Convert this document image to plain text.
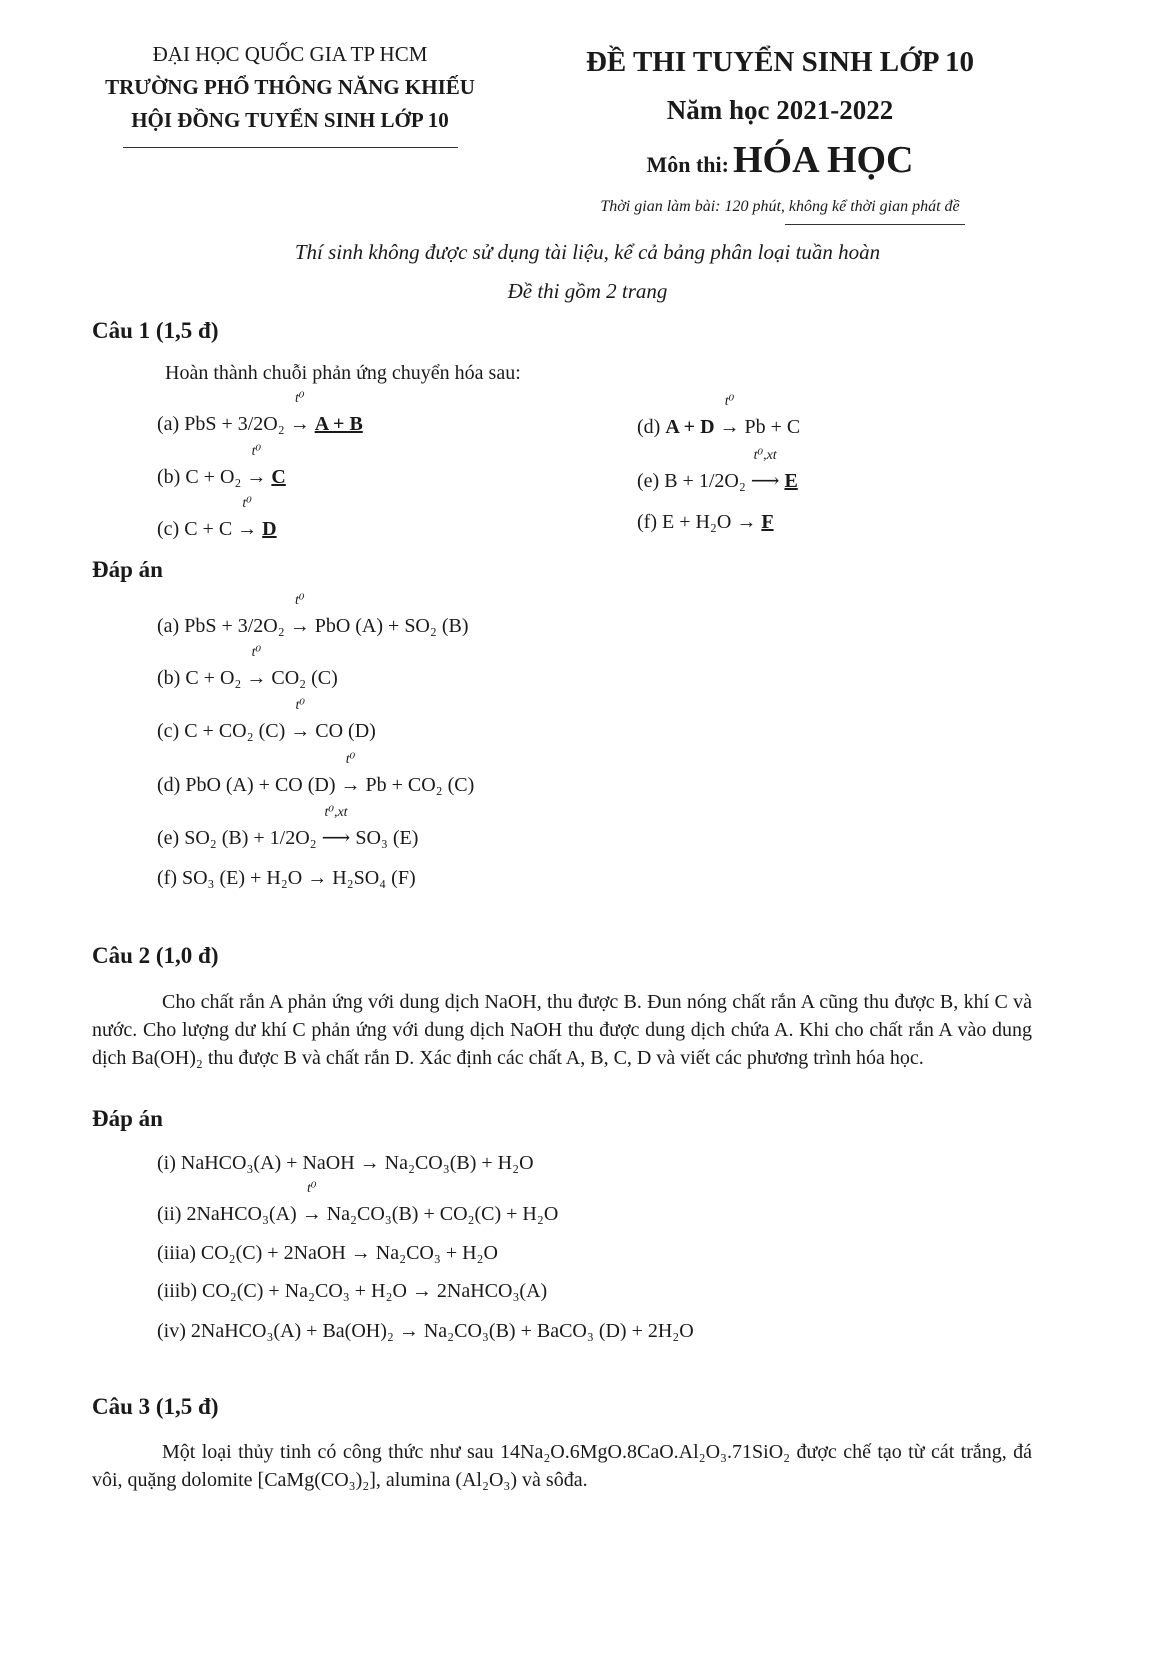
ĐẠI HỌC QUỐC GIA TP HCM
TRƯỜNG PHỔ THÔNG NĂNG KHIẾU
HỘI ĐỒNG TUYỂN SINH LỚP 10
ĐỀ THI TUYỂN SINH LỚP 10
Năm học 2021-2022
Môn thi: HÓA HỌC
Thời gian làm bài: 120 phút, không kể thời gian phát đề
Thí sinh không được sử dụng tài liệu, kể cả bảng phân loại tuần hoàn
Đề thi gồm 2 trang
Câu 1 (1,5 đ)
Hoàn thành chuỗi phản ứng chuyển hóa sau:
(a) PbS + 3/2O₂
t⁰
→ A + B
(b) C + O₂
t⁰
→ C
(c) C + C
t⁰
→ D
(d) A + D
t⁰
→ Pb + C
(e) B + 1/2O₂
t⁰,xt
⟶ E
(f) E + H₂O → F
Đáp án
(a) PbS + 3/2O₂
t⁰
→ PbO (A) + SO₂ (B)
(b) C + O₂
t⁰
→ CO₂ (C)
(c) C + CO₂ (C)
t⁰
→ CO (D)
(d) PbO (A) + CO (D)
t⁰
→ Pb + CO₂ (C)
(e) SO₂ (B) + 1/2O₂
t⁰,xt
⟶ SO₃ (E)
(f) SO₃ (E) + H₂O → H₂SO₄ (F)
Câu 2 (1,0 đ)

Cho chất rắn A phản ứng với dung dịch NaOH, thu được B. Đun nóng chất rắn A cũng thu được B, khí C và nước. Cho lượng dư khí C phản ứng với dung dịch NaOH thu được dung dịch chứa A. Khi cho chất rắn A vào dung dịch Ba(OH)₂ thu được B và chất rắn D. Xác định các chất A, B, C, D và viết các phương trình hóa học.

Đáp án
(i) NaHCO₃(A) + NaOH → Na₂CO₃(B) + H₂O
(ii) 2NaHCO₃(A)
t⁰
→ Na₂CO₃(B) + CO₂(C) + H₂O
(iiia) CO₂(C) + 2NaOH → Na₂CO₃ + H₂O
(iiib) CO₂(C) + Na₂CO₃ + H₂O → 2NaHCO₃(A)
(iv) 2NaHCO₃(A) + Ba(OH)₂ → Na₂CO₃(B) + BaCO₃ (D) + 2H₂O
Câu 3 (1,5 đ)

Một loại thủy tinh có công thức như sau 14Na₂O.6MgO.8CaO.Al₂O₃.71SiO₂ được chế tạo từ cát trắng, đá vôi, quặng dolomite [CaMg(CO₃)₂], alumina (Al₂O₃) và sôđa.
